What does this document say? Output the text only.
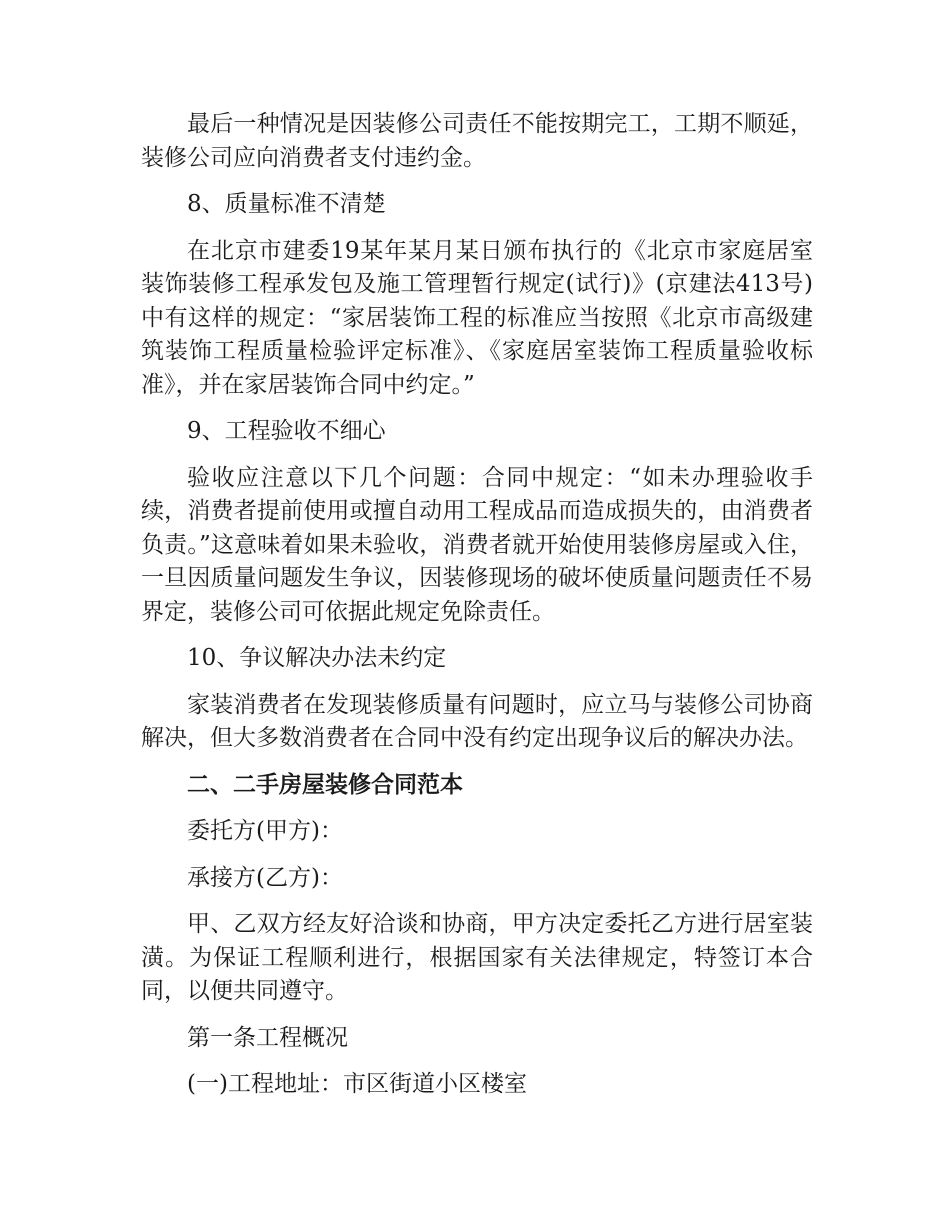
最后一种情况是因装修公司责任不能按期完工，工期不顺延，装修公司应向消费者支付违约金。

8、质量标准不清楚

在北京市建委19某年某月某日颁布执行的《北京市家庭居室装饰装修工程承发包及施工管理暂行规定(试行)》(京建法413号)中有这样的规定：“家居装饰工程的标准应当按照《北京市高级建筑装饰工程质量检验评定标准》、《家庭居室装饰工程质量验收标准》，并在家居装饰合同中约定。”

9、工程验收不细心

验收应注意以下几个问题：合同中规定：“如未办理验收手续，消费者提前使用或擅自动用工程成品而造成损失的，由消费者负责。”这意味着如果未验收，消费者就开始使用装修房屋或入住，一旦因质量问题发生争议，因装修现场的破坏使质量问题责任不易界定，装修公司可依据此规定免除责任。

10、争议解决办法未约定

家装消费者在发现装修质量有问题时，应立马与装修公司协商解决，但大多数消费者在合同中没有约定出现争议后的解决办法。

二、二手房屋装修合同范本

委托方(甲方)：

承接方(乙方)：

甲、乙双方经友好洽谈和协商，甲方决定委托乙方进行居室装潢。为保证工程顺利进行，根据国家有关法律规定，特签订本合同，以便共同遵守。

第一条工程概况

(一)工程地址：市区街道小区楼室
